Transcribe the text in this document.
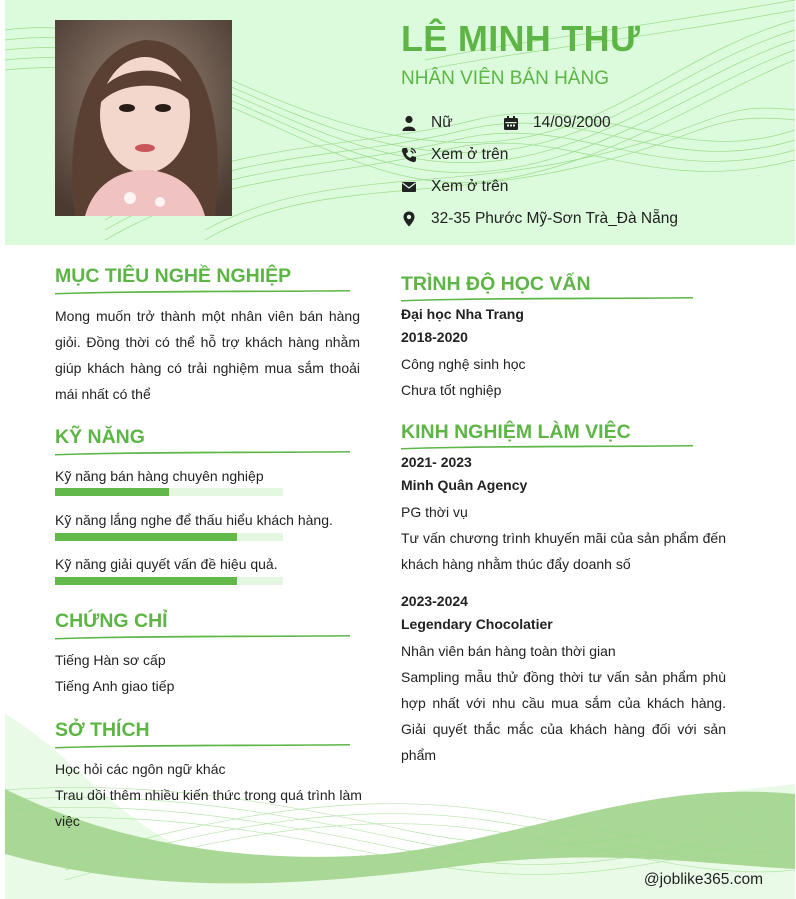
LÊ MINH THƯ
NHÂN VIÊN BÁN HÀNG
Nữ	14/09/2000
Xem ở trên
Xem ở trên
32-35 Phước Mỹ-Sơn Trà_Đà Nẵng
MỤC TIÊU NGHỀ NGHIỆP
Mong muốn trở thành một nhân viên bán hàng giỏi. Đồng thời có thể hỗ trợ khách hàng nhằm giúp khách hàng có trải nghiệm mua sắm thoải mái nhất có thể
KỸ NĂNG
Kỹ năng bán hàng chuyên nghiệp
Kỹ năng lắng nghe để thấu hiểu khách hàng.
Kỹ năng giải quyết vấn đề hiệu quả.
CHỨNG CHỈ
Tiếng Hàn sơ cấp
Tiếng Anh giao tiếp
SỞ THÍCH
Học hỏi các ngôn ngữ khác
Trau dồi thêm nhiều kiến thức trong quá trình làm việc
TRÌNH ĐỘ HỌC VẤN
Đại học Nha Trang
2018-2020
Công nghệ sinh học
Chưa tốt nghiệp
KINH NGHIỆM LÀM VIỆC
2021- 2023
Minh Quân Agency
PG thời vụ
Tư vấn chương trình khuyến mãi của sản phẩm đến khách hàng nhằm thúc đẩy doanh số
2023-2024
Legendary Chocolatier
Nhân viên bán hàng toàn thời gian
Sampling mẫu thử đồng thời tư vấn sản phẩm phù hợp nhất với nhu cầu mua sắm của khách hàng. Giải quyết thắc mắc của khách hàng đối với sản phẩm
@joblike365.com
